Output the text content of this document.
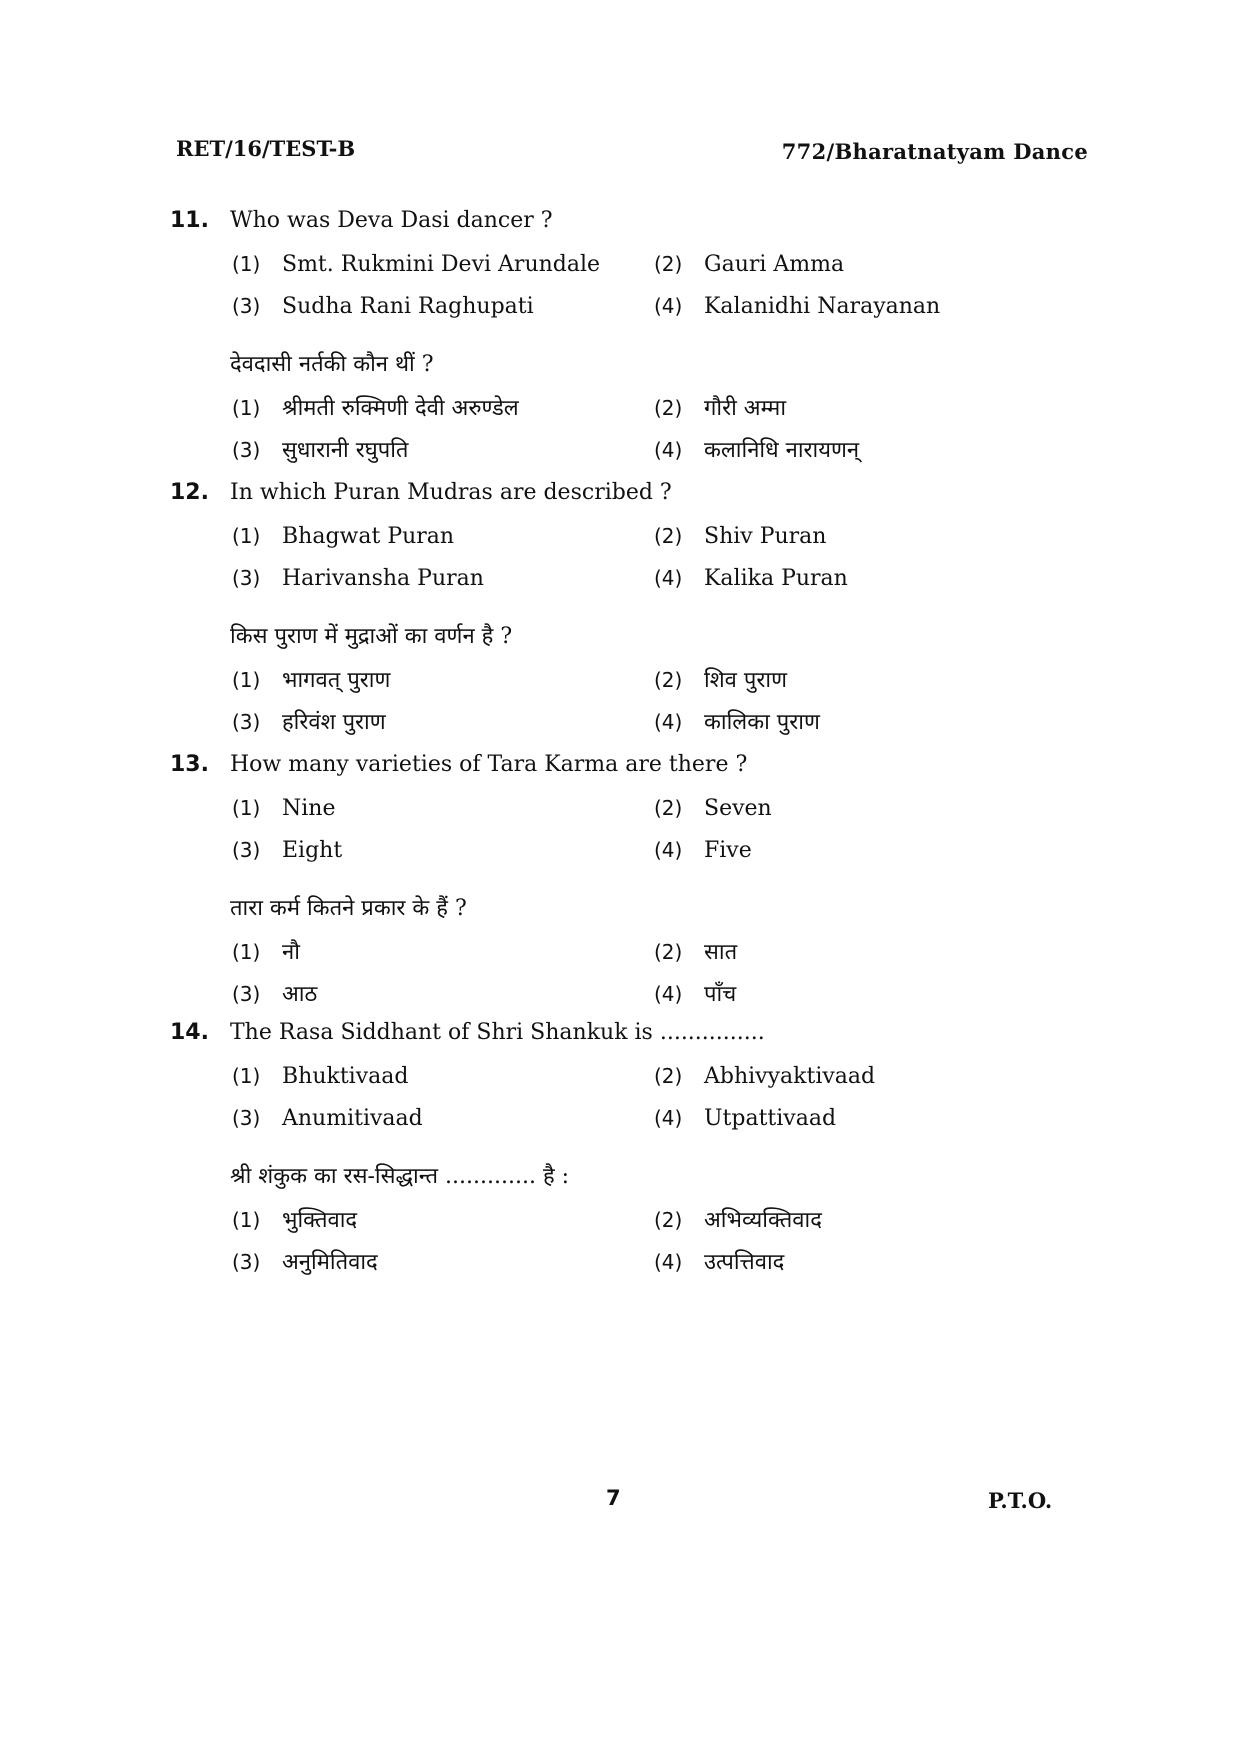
RET/16/TEST-B	772/Bharatnatyam Dance
11. Who was Deva Dasi dancer ?
(1) Smt. Rukmini Devi Arundale	(2) Gauri Amma
(3) Sudha Rani Raghupati	(4) Kalanidhi Narayanan
देवदासी नर्तकी कौन थीं ?
(1) श्रीमती रुक्मिणी देवी अरुण्डेल	(2) गौरी अम्मा
(3) सुधारानी रघुपति	(4) कलानिधि नारायणन्
12. In which Puran Mudras are described ?
(1) Bhagwat Puran	(2) Shiv Puran
(3) Harivansha Puran	(4) Kalika Puran
किस पुराण में मुद्राओं का वर्णन है ?
(1) भागवत् पुराण	(2) शिव पुराण
(3) हरिवंश पुराण	(4) कालिका पुराण
13. How many varieties of Tara Karma are there ?
(1) Nine	(2) Seven
(3) Eight	(4) Five
तारा कर्म कितने प्रकार के हैं ?
(1) नौ	(2) सात
(3) आठ	(4) पाँच
14. The Rasa Siddhant of Shri Shankuk is ...............
(1) Bhuktivaad	(2) Abhivyaktivaad
(3) Anumitivaad	(4) Utpattivaad
श्री शंकुक का रस-सिद्धान्त ............. है :
(1) भुक्तिवाद	(2) अभिव्यक्तिवाद
(3) अनुमितिवाद	(4) उत्पत्तिवाद
7	P.T.O.
